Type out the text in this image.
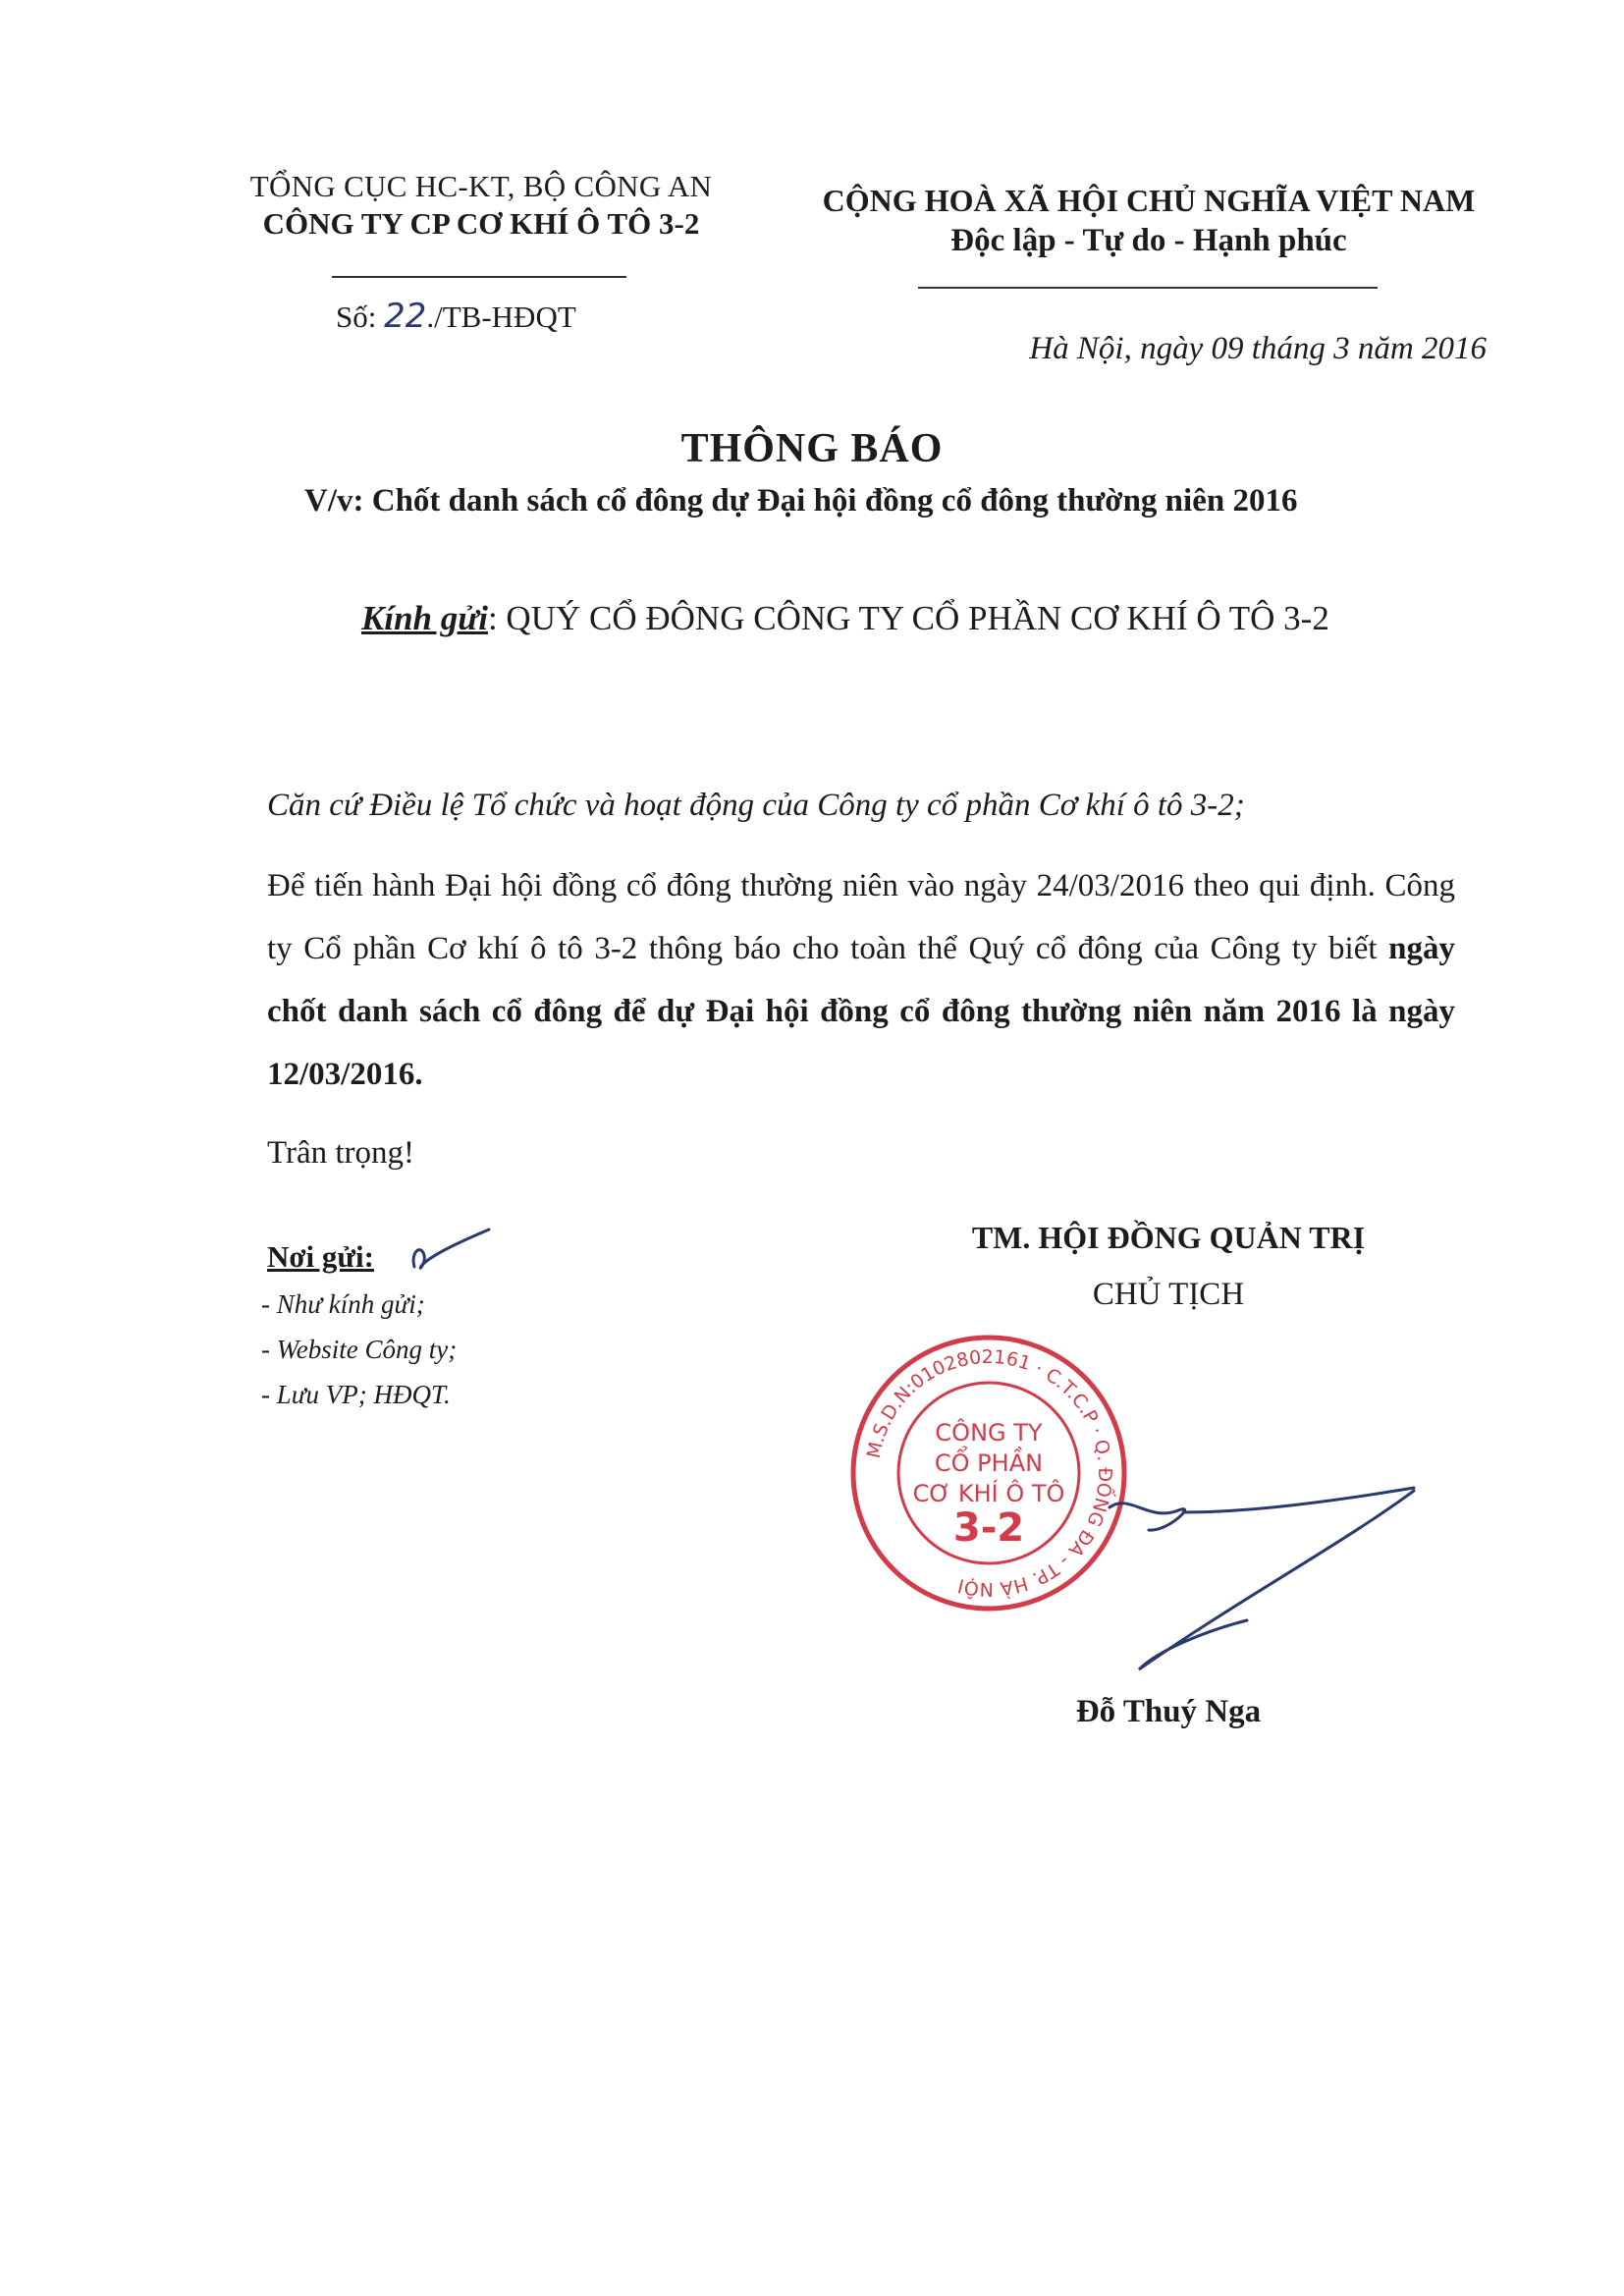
TỔNG CỤC HC-KT, BỘ CÔNG AN
CÔNG TY CP CƠ KHÍ Ô TÔ 3-2
Số: 22./TB-HĐQT
CỘNG HOÀ XÃ HỘI CHỦ NGHĨA VIỆT NAM
Độc lập - Tự do - Hạnh phúc
Hà Nội, ngày 09 tháng 3 năm 2016
THÔNG BÁO
V/v: Chốt danh sách cổ đông dự Đại hội đồng cổ đông thường niên 2016
Kính gửi: QUÝ CỔ ĐÔNG CÔNG TY CỔ PHẦN CƠ KHÍ Ô TÔ 3-2
Căn cứ Điều lệ Tổ chức và hoạt động của Công ty cổ phần Cơ khí ô tô 3-2;
Để tiến hành Đại hội đồng cổ đông thường niên vào ngày 24/03/2016 theo qui định. Công ty Cổ phần Cơ khí ô tô 3-2 thông báo cho toàn thể Quý cổ đông của Công ty biết ngày chốt danh sách cổ đông để dự Đại hội đồng cổ đông thường niên năm 2016 là ngày 12/03/2016.
Trân trọng!
Nơi gửi:
- Như kính gửi;
- Website Công ty;
- Lưu VP; HĐQT.
TM. HỘI ĐỒNG QUẢN TRỊ
CHỦ TỊCH
M.S.D.N:0102802161 · C.T.C.P · Q. ĐỐNG ĐA - TP. HÀ NỘI
CÔNG TY
CỔ PHẦN
CƠ KHÍ Ô TÔ
3-2
Đỗ Thuý Nga
